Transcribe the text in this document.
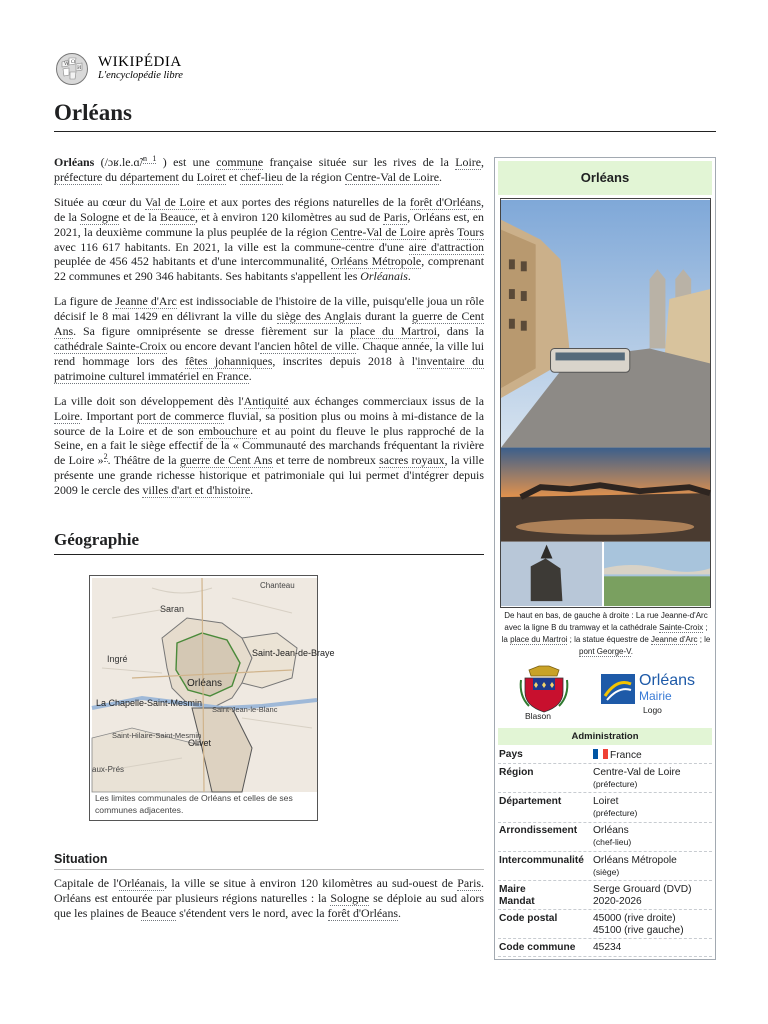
W Ω
И WIKIPÉDIA
L'encyclopédie libre
Orléans

Orléans (/ɔʁ.le.ɑ̃/$^{n 1}$ ) est une commune française située sur les rives de la Loire, préfecture du département du Loiret et chef-lieu de la région Centre-Val de Loire.

Située au cœur du Val de Loire et aux portes des régions naturelles de la forêt d'Orléans, de la Sologne et de la Beauce, et à environ 120 kilomètres au sud de Paris, Orléans est, en 2021, la deuxième commune la plus peuplée de la région Centre-Val de Loire après Tours avec 116 617 habitants. En 2021, la ville est la commune-centre d'une aire d'attraction peuplée de 456 452 habitants et d'une intercommunalité, Orléans Métropole, comprenant 22 communes et 290 346 habitants. Ses habitants s'appellent les Orléanais.

La figure de Jeanne d'Arc est indissociable de l'histoire de la ville, puisqu'elle joua un rôle décisif le 8 mai 1429 en délivrant la ville du siège des Anglais durant la guerre de Cent Ans. Sa figure omniprésente se dresse fièrement sur la place du Martroi, dans la cathédrale Sainte-Croix ou encore devant l'ancien hôtel de ville. Chaque année, la ville lui rend hommage lors des fêtes johanniques, inscrites depuis 2018 à l'inventaire du patrimoine culturel immatériel en France.

La ville doit son développement dès l'Antiquité aux échanges commerciaux issus de la Loire. Important port de commerce fluvial, sa position plus ou moins à mi-distance de la source de la Loire et de son embouchure et au point du fleuve le plus rapproché de la Seine, en a fait le siège effectif de la « Communauté des marchands fréquentant la rivière de Loire »$^2$. Théâtre de la guerre de Cent Ans et terre de nombreux sacres royaux, la ville présente une grande richesse historique et patrimoniale qui lui permet d'intégrer depuis 2009 le cercle des villes d'art et d'histoire.

Géographie
Chanteau
Saran
Ingré
Orléans
Saint-Jean-de-Braye
La Chapelle-Saint-Mesmin
Saint-Jean-le-Blanc
Saint-Hilaire-Saint-Mesmin
Olivet
aux-Prés
Les limites communales de Orléans et celles de ses communes adjacentes.
Situation
Capitale de l'Orléanais, la ville se situe à environ 120 kilomètres au sud-ouest de Paris. Orléans est entourée par plusieurs régions naturelles : la Sologne se déploie au sud alors que les plaines de Beauce s'étendent vers le nord, avec la forêt d'Orléans.
Orléans
De haut en bas, de gauche à droite : La rue Jeanne-d'Arc avec la ligne B du tramway et la cathédrale Sainte-Croix ; la place du Martroi ; la statue équestre de Jeanne d'Arc ; le pont George-V.
Blason
Orléans
Mairie
Logo
Administration
Pays	France
Région	Centre-Val de Loire
(préfecture)
Département	Loiret
(préfecture)
Arrondissement	Orléans
(chef-lieu)
Intercommunalité Orléans Métropole
(siège)
Maire	Serge Grouard (DVD)
Mandat	2020-2026
Code postal	45000 (rive droite)
45100 (rive gauche)
Code commune	45234
